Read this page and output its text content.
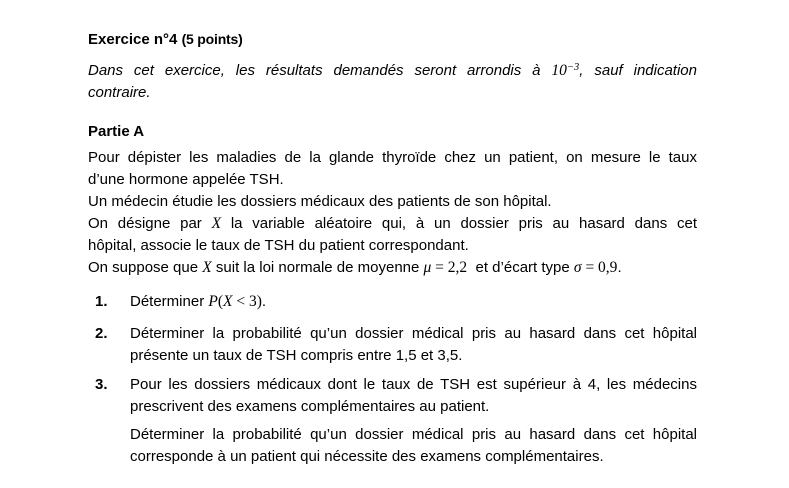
Exercice n°4 (5 points)
Dans cet exercice, les résultats demandés seront arrondis à $10^{-3}$, sauf indication
contraire.
Partie A
Pour dépister les maladies de la glande thyroïde chez un patient, on mesure le taux
d’une hormone appelée TSH.
Un médecin étudie les dossiers médicaux des patients de son hôpital.
On désigne par X la variable aléatoire qui, à un dossier pris au hasard dans cet
hôpital, associe le taux de TSH du patient correspondant.
On suppose que X suit la loi normale de moyenne μ = 2,2  et d’écart type σ = 0,9.
1.	Déterminer P(X < 3).
2.	Déterminer la probabilité qu’un dossier médical pris au hasard dans cet hôpital
présente un taux de TSH compris entre 1,5 et 3,5.
3.	Pour les dossiers médicaux dont le taux de TSH est supérieur à 4, les médecins
prescrivent des examens complémentaires au patient.
Déterminer la probabilité qu’un dossier médical pris au hasard dans cet hôpital
corresponde à un patient qui nécessite des examens complémentaires.
